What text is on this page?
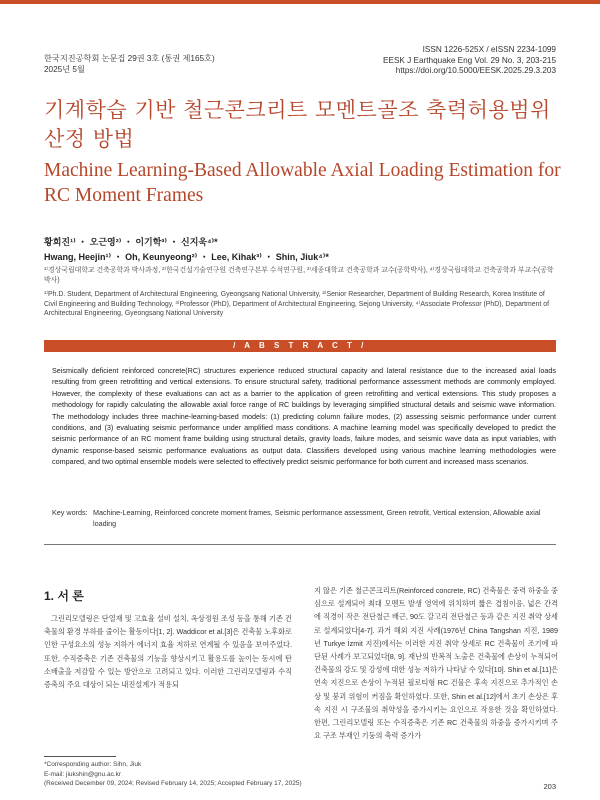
한국지진공학회 논문집 29권 3호 (통권 제165호)
2025년 5월
ISSN 1226-525X / eISSN 2234-1099
EESK J Earthquake Eng Vol. 29 No. 3, 203-215
https://doi.org/10.5000/EESK.2025.29.3.203
기계학습 기반 철근콘크리트 모멘트골조 축력허용범위 산정 방법
Machine Learning-Based Allowable Axial Loading Estimation for RC Moment Frames
황희진¹⁾ ・ 오근영²⁾ ・ 이기학³⁾ ・ 신지욱⁴⁾*
Hwang, Heejin¹⁾ ・ Oh, Keunyeong²⁾ ・ Lee, Kihak³⁾ ・ Shin, Jiuk⁴⁾*
¹⁾경상국립대학교 건축공학과 박사과정, ²⁾한국건설기술연구원 건축연구본부 수석연구원, ³⁾세종대학교 건축공학과 교수(공학박사), ⁴⁾경상국립대학교 건축공학과 부교수(공학박사)
¹⁾Ph.D. Student, Department of Architectural Engineering, Gyeongsang National University, ²⁾Senior Researcher, Department of Building Research, Korea Institute of Civil Engineering and Building Technology, ³⁾Professor (PhD), Department of Architectural Engineering, Sejong University, ⁴⁾Associate Professor (PhD), Department of Architectural Engineering, Gyeongsang National University
/ A B S T R A C T /
Seismically deficient reinforced concrete(RC) structures experience reduced structural capacity and lateral resistance due to the increased axial loads resulting from green retrofitting and vertical extensions. To ensure structural safety, traditional performance assessment methods are commonly employed. However, the complexity of these evaluations can act as a barrier to the application of green retrofitting and vertical extensions. This study proposes a methodology for rapidly calculating the allowable axial force range of RC buildings by leveraging simplified structural details and seismic wave information. The methodology includes three machine-learning-based models: (1) predicting column failure modes, (2) assessing seismic performance under current conditions, and (3) evaluating seismic performance under amplified mass conditions. A machine learning model was specifically developed to predict the seismic performance of an RC moment frame building using structural details, gravity loads, failure modes, and seismic wave data as input variables, with dynamic response-based seismic performance evaluations as output data. Classifiers developed using various machine learning methodologies were compared, and two optimal ensemble models were selected to effectively predict seismic performance for both current and increased mass scenarios.
Key words: Machine-Learning, Reinforced concrete moment frames, Seismic performance assessment, Green retrofit, Vertical extension, Allowable axial loading
1. 서 론
그린리모델링은 단열재 및 고효율 설비 설치, 옥상정원 조성 등을 통해 기존 건축물의 환경 부하를 줄이는 활동이다[1, 2]. Waddicor et al.[3]은 건축물 노후화로 인한 구성요소의 성능 저하가 에너지 효율 저하로 연계될 수 있음을 보여주었다. 또한, 수직증축은 기존 건축물의 기능을 향상시키고 활용도를 높이는 동시에 탄소배출을 저감할 수 있는 방안으로 고려되고 있다. 이러한 그린리모델링과 수직증축의 주요 대상이 되는 내진설계가 적용되
지 않은 기존 철근콘크리트(Reinforced concrete, RC) 건축물은 중력 하중을 중심으로 설계되어 최대 모멘트 발생 영역에 위치하며 짧은 겹침이음, 넓은 간격에 직경이 작은 전단철근 배근, 90도 갈고리 전단철근 등과 같은 지진 취약 상세로 설계되었다[4-7]. 과거 해외 지진 사례(1976년 China Tangshan 지진, 1989년 Turkye İzmit 지진)에서는 이러한 지진 취약 상세로 RC 건축물이 조기에 파단된 사례가 보고되었다[8, 9]. 재난의 반복적 노출은 건축물에 손상이 누적되어 건축물의 강도 및 강성에 대한 성능 저하가 나타날 수 있다[10]. Shin et al.[11]은 연속 지진으로 손상이 누적된 필로티형 RC 건물은 후속 지진으로 추가적인 손상 및 붕괴 위험이 커짐을 확인하였다. 또한, Shin et al.[12]에서 초기 손상은 후속 지진 시 구조물의 취약성을 증가시키는 요인으로 작용한 것을 확인하였다. 한편, 그린리모델링 또는 수직증축은 기존 RC 건축물의 하중을 증가시키며 주요 구조 부재인 기둥의 축력 증가가
*Corresponding author: Sihn, Jiuk
E-mail: jiukshin@gnu.ac.kr
(Received December 09, 2024; Revised February 14, 2025; Accepted February 17, 2025)	203
